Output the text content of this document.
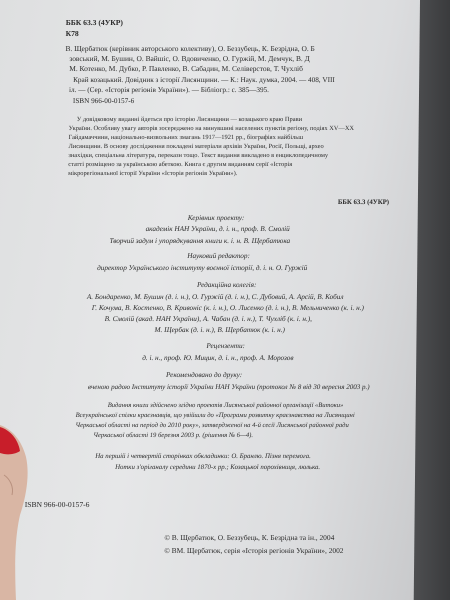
ББК 63.3 (4УКР)
К78
В. Щербатюк (керівник авторського колективу), О. Беззубець, К. Безрідна, О. Б
зовський, М. Бушин, О. Вайшіс, О. Вдовиченко, О. Гуржій, М. Демчук, В. Д
М. Котенко, М. Дубко, Р. Павленко, В. Сабадин, М. Селіверстов, Т. Чухліб
Край козацький. Довідник з історії Лисянщини. — К.: Наук. думка, 2004. — 408, VIII
іл. — (Сер. «Історія регіонів України»). — Бібліогр.: с. 385—395.
ISBN 966-00-0157-6
У довідковому виданні йдеться про історію Лисянщини — козацького краю Прави
України. Особливу увагу авторів зосереджено на минувшині населених пунктів регіону, подіях XV—XX
Гайдамаччини, національно-визвольних змагань 1917—1921 рр., біографіях найбільш
Лисянщини. В основу дослідження покладені матеріали архівів України, Росії, Польщі, архео
знахідки, спеціальна література, переказн тощо. Текст видання викладено в енциклопедичному
статті розміщено за українською абеткою. Книга є другим виданням серії «Історія
мікрорегіональної історії України «Історія регіонів України»).
ББК 63.3 (4УКР)
Керівник проекту:
академік НАН України, д. і. н., проф. В. Смолій
Творчий задум і упорядкування книги к. і. н. В. Щербатюка
Науковий редактор:
директор Українського інституту воєнної історії, д. і. н. О. Гуржій
Редакційна колегія:
А. Бондаренко, М. Бушин (д. і. н.), О. Гуржій (д. і. н.), С. Дубовий, А. Арсій, В. Кобил
Г. Кочума, В. Костенко, В. Кривоніс (к. і. н.), О. Лисенко (д. і. н.), В. Мельниченко (к. і. н.)
В. Смолій (акад. НАН України), А. Чабан (д. і. н.), Т. Чухліб (к. і. н.),
М. Щербак (д. і. н.), В. Щербатюк (к. і. н.)
Рецензенти:
д. і. н., проф. Ю. Мицик, д. і. н., проф. А. Морозов
Рекомендовано до друку:
вченою радою Інституту історії України НАН України (протокол № 8 від 30 вересня 2003 р.)
Видання книги здійснено згідно проектів Лисянської районної організації «Витоки»
Всеукраїнської спілки краєзнавців, що увійшли до «Програми розвитку краєзнавства на Лисянщині
Черкаської області на період до 2010 року», затвердженої на 4-й сесії Лисянської районної ради
Черкаської області 19 березня 2003 р. (рішення № 6—4).
На першій і четвертій сторінках обкладинки: О. Бранлю. Пізня перемога.
Нотки з'оріганалу середини 1870-х рр.; Козацької порохівниця, люлька.
ISBN 966-00-0157-6
© В. Щербатюк, О. Беззубець, К. Безрідна та ін., 2004
© ВМ. Щербатюк, серія «Історія регіонів України», 2002
